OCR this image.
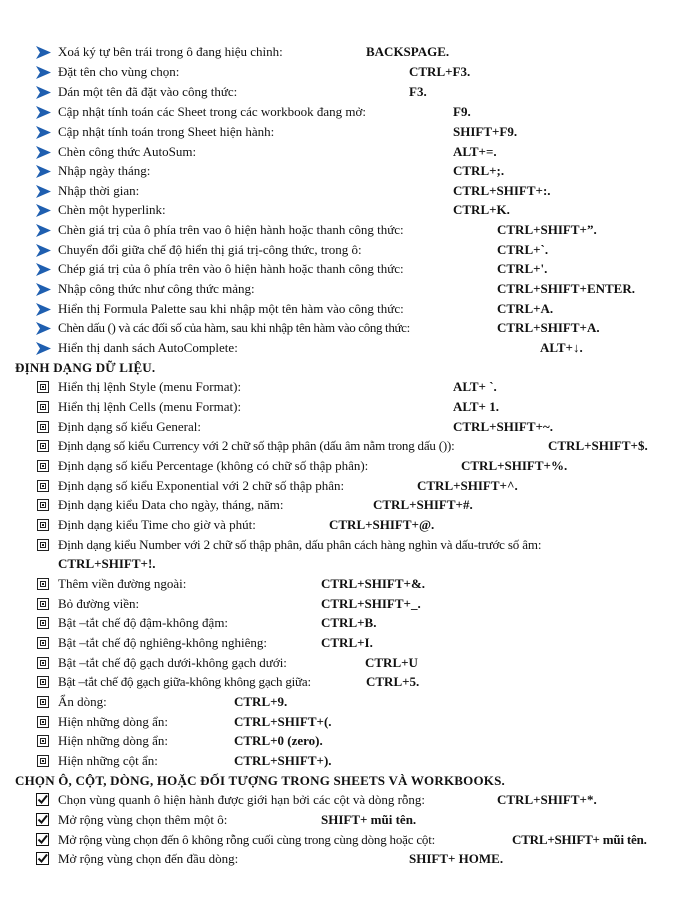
Xoá ký tự bên trái trong ô đang hiệu chỉnh:	BACKSPAGE.
Đặt tên cho vùng chọn:	CTRL+F3.
Dán một tên đã đặt vào công thức:	F3.
Cập nhật tính toán các Sheet trong các workbook đang mở:	F9.
Cập nhật tính toán trong Sheet hiện hành:	SHIFT+F9.
Chèn công thức AutoSum:	ALT+=.
Nhập ngày tháng:	CTRL+;.
Nhập thời gian:	CTRL+SHIFT+:.
Chèn một hyperlink:	CTRL+K.
Chèn giá trị của ô phía trên vao ô hiện hành hoặc thanh công thức:	CTRL+SHIFT+”.
Chuyển đổi giữa chế độ hiển thị giá trị-công thức, trong ô:	CTRL+`.
Chép giá trị của ô phía trên vào ô hiện hành hoặc thanh công thức:	CTRL+'.
Nhập công thức như công thức mảng:	CTRL+SHIFT+ENTER.
Hiển thị Formula Palette sau khi nhập một tên hàm vào công thức:	CTRL+A.
Chèn dấu () và các đối số của hàm, sau khi nhập tên hàm vào công thức:	CTRL+SHIFT+A.
Hiển thị danh sách AutoComplete:	ALT+↓.
ĐỊNH DẠNG DỮ LIỆU.
Hiển thị lệnh Style (menu Format):	ALT+ `.
Hiển thị lệnh Cells (menu Format):	ALT+ 1.
Định dạng số kiểu General:	CTRL+SHIFT+~.
Định dạng số kiểu Currency với 2 chữ số thập phân (dấu âm nằm trong dấu ()):	CTRL+SHIFT+$.
Định dạng số kiểu Percentage (không có chữ số thập phân):	CTRL+SHIFT+%.
Định dạng số kiểu Exponential với 2 chữ số thập phân:	CTRL+SHIFT+^.
Định dạng kiểu Data cho ngày, tháng, năm:	CTRL+SHIFT+#.
Định dạng kiểu Time cho giờ và phút:	CTRL+SHIFT+@.
Định dạng kiểu Number với 2 chữ số thập phân, dấu phân cách hàng nghìn và dấu-trước số âm:
CTRL+SHIFT+!.
Thêm viền đường ngoài:	CTRL+SHIFT+&.
Bỏ đường viền:	CTRL+SHIFT+_.
Bật –tắt chế độ đậm-không đậm:	CTRL+B.
Bật –tắt chế độ nghiêng-không nghiêng:	CTRL+I.
Bật –tắt chế độ gạch dưới-không gạch dưới:	CTRL+U
Bật –tắt chế độ gạch giữa-không không gạch giữa:	CTRL+5.
Ẩn dòng:	CTRL+9.
Hiện những dòng ẩn:	CTRL+SHIFT+(.
Hiện những dòng ẩn:	CTRL+0 (zero).
Hiện những cột ẩn:	CTRL+SHIFT+).
CHỌN Ô, CỘT, DÒNG, HOẶC ĐỐI TƯỢNG TRONG SHEETS VÀ WORKBOOKS.
Chọn vùng quanh ô hiện hành được giới hạn bởi các cột và dòng rỗng:	CTRL+SHIFT+*.
Mở rộng vùng chọn thêm một ô:	SHIFT+ mũi tên.
Mở rộng vùng chọn đến ô không rỗng cuối cùng trong cùng dòng hoặc cột:	CTRL+SHIFT+ mũi tên.
Mở rộng vùng chọn đến đầu dòng:	SHIFT+ HOME.
